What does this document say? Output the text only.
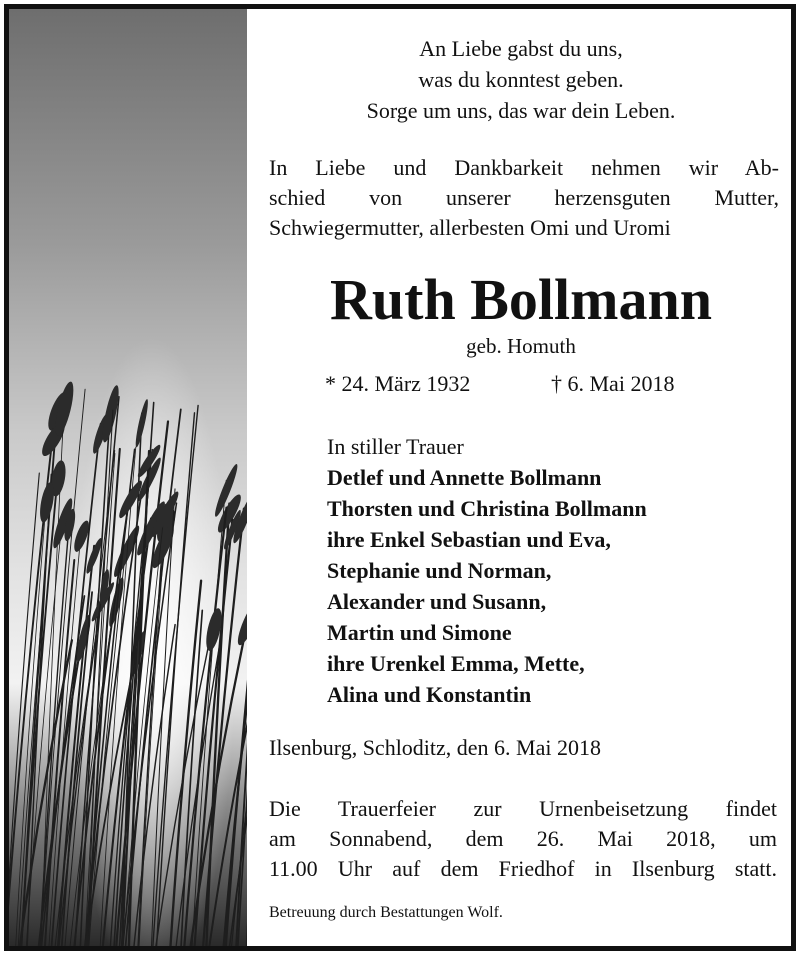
An Liebe gabst du uns,
was du konntest geben.
Sorge um uns, das war dein Leben.
In Liebe und Dankbarkeit nehmen wir Ab-
schied von unserer herzensguten Mutter,
Schwiegermutter, allerbesten Omi und Uromi
Ruth Bollmann
geb. Homuth
* 24. März 1932	† 6. Mai 2018
In stiller Trauer
Detlef und Annette Bollmann
Thorsten und Christina Bollmann
ihre Enkel Sebastian und Eva,
Stephanie und Norman,
Alexander und Susann,
Martin und Simone
ihre Urenkel Emma, Mette,
Alina und Konstantin
Ilsenburg, Schloditz, den 6. Mai 2018
Die Trauerfeier zur Urnenbeisetzung findet
am Sonnabend, dem 26. Mai 2018, um
11.00 Uhr auf dem Friedhof in Ilsenburg statt.
Betreuung durch Bestattungen Wolf.
